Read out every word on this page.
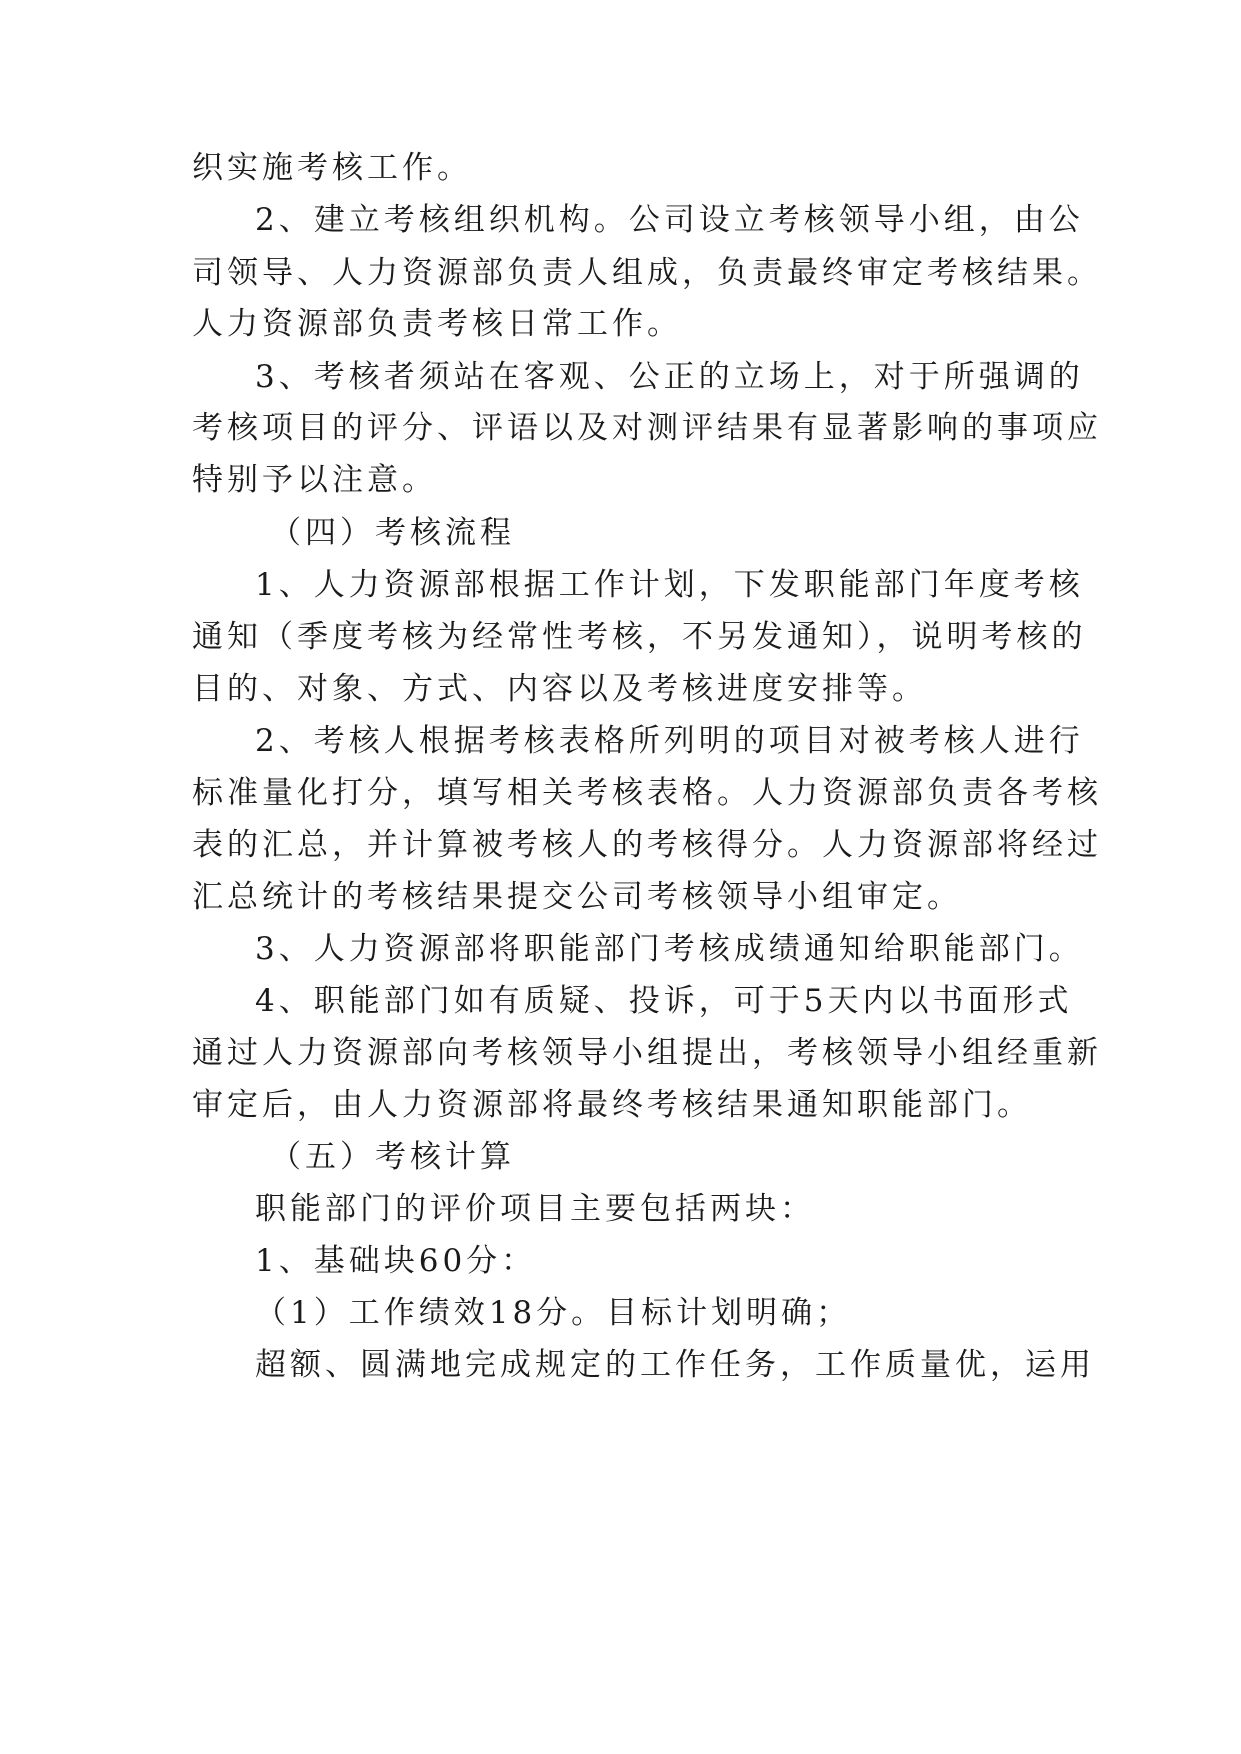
织实施考核工作。

2、建立考核组织机构。公司设立考核领导小组，由公

司领导、人力资源部负责人组成，负责最终审定考核结果。

人力资源部负责考核日常工作。

3、考核者须站在客观、公正的立场上，对于所强调的

考核项目的评分、评语以及对测评结果有显著影响的事项应

特别予以注意。

（四）考核流程

1、人力资源部根据工作计划，下发职能部门年度考核

通知（季度考核为经常性考核，不另发通知），说明考核的

目的、对象、方式、内容以及考核进度安排等。

2、考核人根据考核表格所列明的项目对被考核人进行

标准量化打分，填写相关考核表格。人力资源部负责各考核

表的汇总，并计算被考核人的考核得分。人力资源部将经过

汇总统计的考核结果提交公司考核领导小组审定。

3、人力资源部将职能部门考核成绩通知给职能部门。

4、职能部门如有质疑、投诉，可于5天内以书面形式

通过人力资源部向考核领导小组提出，考核领导小组经重新

审定后，由人力资源部将最终考核结果通知职能部门。

（五）考核计算

职能部门的评价项目主要包括两块：

1、基础块60分：

（1）工作绩效18分。目标计划明确；

超额、圆满地完成规定的工作任务，工作质量优，运用
